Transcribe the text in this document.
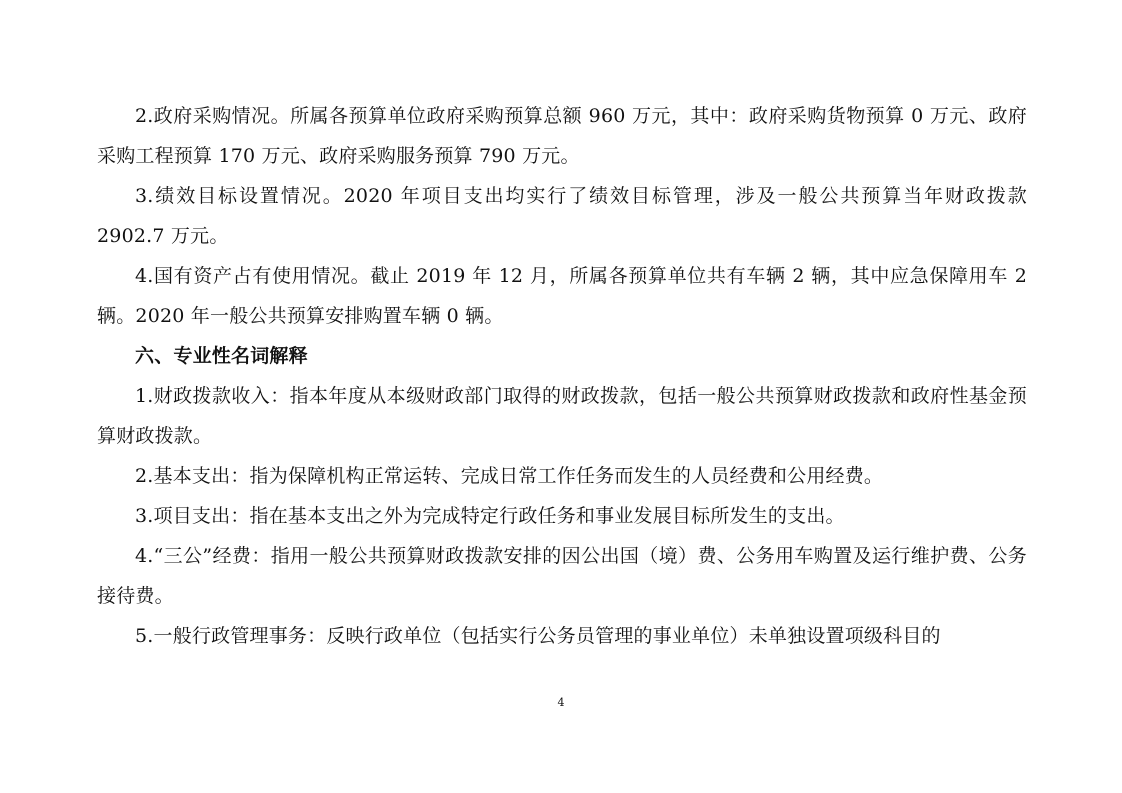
2.政府采购情况。所属各预算单位政府采购预算总额 960 万元，其中：政府采购货物预算 0 万元、政府采购工程预算 170 万元、政府采购服务预算 790 万元。

3.绩效目标设置情况。2020 年项目支出均实行了绩效目标管理，涉及一般公共预算当年财政拨款 2902.7 万元。

4.国有资产占有使用情况。截止 2019 年 12 月，所属各预算单位共有车辆 2 辆，其中应急保障用车 2 辆。2020 年一般公共预算安排购置车辆 0 辆。

六、专业性名词解释

1.财政拨款收入：指本年度从本级财政部门取得的财政拨款，包括一般公共预算财政拨款和政府性基金预算财政拨款。

2.基本支出：指为保障机构正常运转、完成日常工作任务而发生的人员经费和公用经费。

3.项目支出：指在基本支出之外为完成特定行政任务和事业发展目标所发生的支出。

4.“三公”经费：指用一般公共预算财政拨款安排的因公出国（境）费、公务用车购置及运行维护费、公务接待费。

5.一般行政管理事务：反映行政单位（包括实行公务员管理的事业单位）未单独设置项级科目的

4
